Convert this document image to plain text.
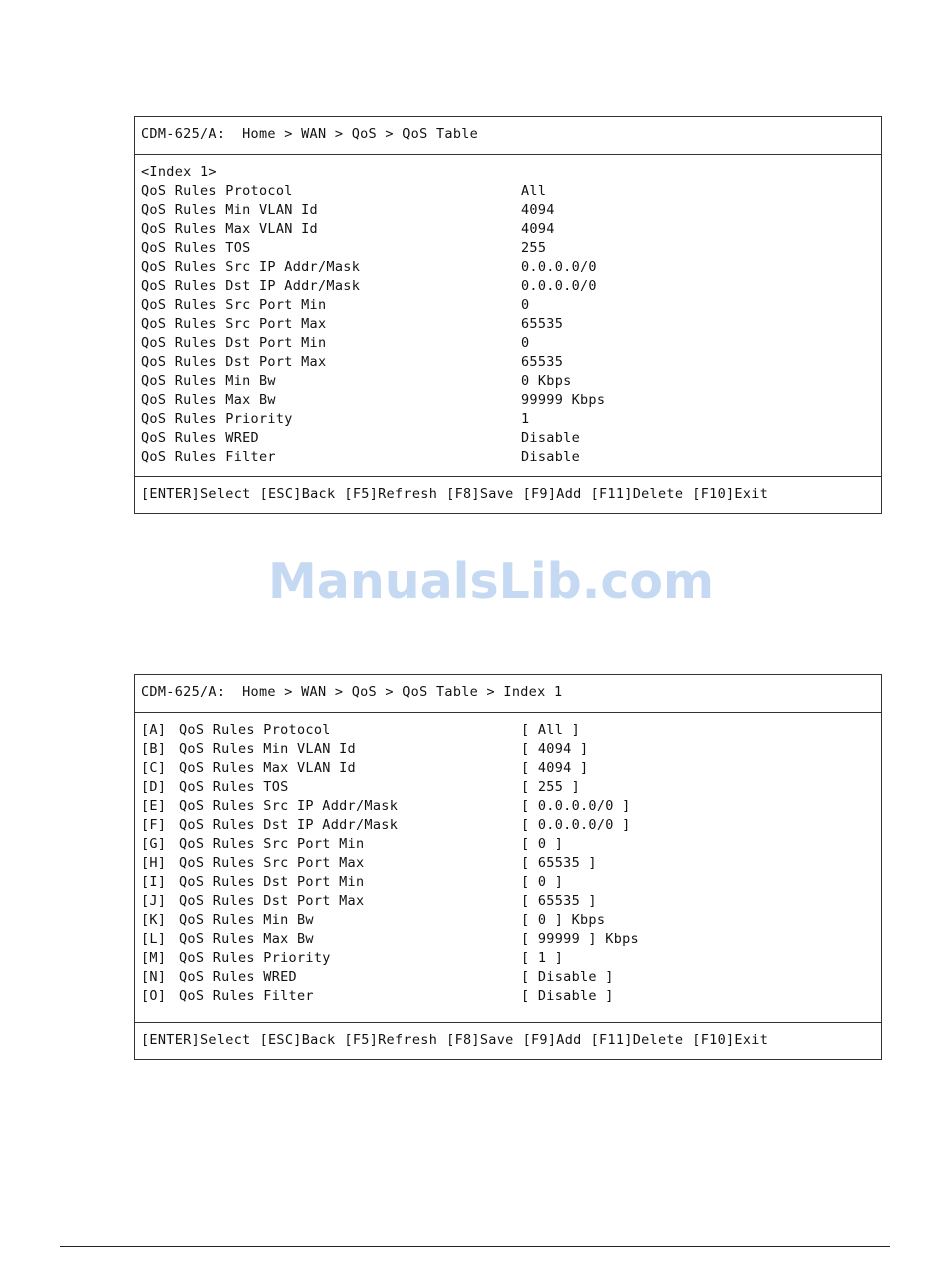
CDM-625/A:  Home > WAN > QoS > QoS Table
<Index 1>
QoS Rules Protocol	All
QoS Rules Min VLAN Id	4094
QoS Rules Max VLAN Id	4094
QoS Rules TOS	255
QoS Rules Src IP Addr/Mask	0.0.0.0/0
QoS Rules Dst IP Addr/Mask	0.0.0.0/0
QoS Rules Src Port Min	0
QoS Rules Src Port Max	65535
QoS Rules Dst Port Min	0
QoS Rules Dst Port Max	65535
QoS Rules Min Bw	0 Kbps
QoS Rules Max Bw	99999 Kbps
QoS Rules Priority	1
QoS Rules WRED	Disable
QoS Rules Filter	Disable
[ENTER]Select [ESC]Back [F5]Refresh [F8]Save [F9]Add [F11]Delete [F10]Exit
ManualsLib.com
CDM-625/A:  Home > WAN > QoS > QoS Table > Index 1
[A] QoS Rules Protocol	[ All ]
[B] QoS Rules Min VLAN Id	[ 4094 ]
[C] QoS Rules Max VLAN Id	[ 4094 ]
[D] QoS Rules TOS	[ 255 ]
[E] QoS Rules Src IP Addr/Mask	[ 0.0.0.0/0 ]
[F] QoS Rules Dst IP Addr/Mask	[ 0.0.0.0/0 ]
[G] QoS Rules Src Port Min	[ 0 ]
[H] QoS Rules Src Port Max	[ 65535 ]
[I] QoS Rules Dst Port Min	[ 0 ]
[J] QoS Rules Dst Port Max	[ 65535 ]
[K] QoS Rules Min Bw	[ 0 ] Kbps
[L] QoS Rules Max Bw	[ 99999 ] Kbps
[M] QoS Rules Priority	[ 1 ]
[N] QoS Rules WRED	[ Disable ]
[O] QoS Rules Filter	[ Disable ]
[ENTER]Select [ESC]Back [F5]Refresh [F8]Save [F9]Add [F11]Delete [F10]Exit
